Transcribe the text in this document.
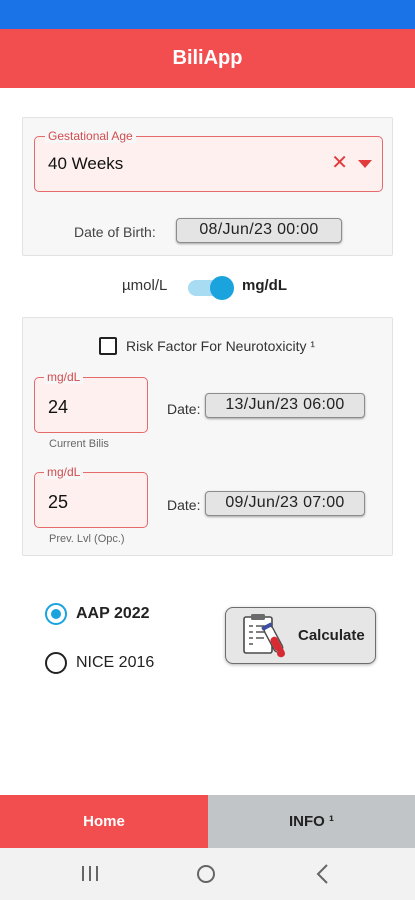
BiliApp
Gestational Age
40 Weeks	✕
Date of Birth:	08/Jun/23 00:00
µmol/L	mg/dL
Risk Factor For Neurotoxicity ¹
mg/dL
24
Current Bilis
Date:	13/Jun/23 06:00
mg/dL
25
Prev. Lvl (Opc.)
Date:	09/Jun/23 07:00
AAP 2022
NICE 2016
Calculate
Home	INFO ¹
